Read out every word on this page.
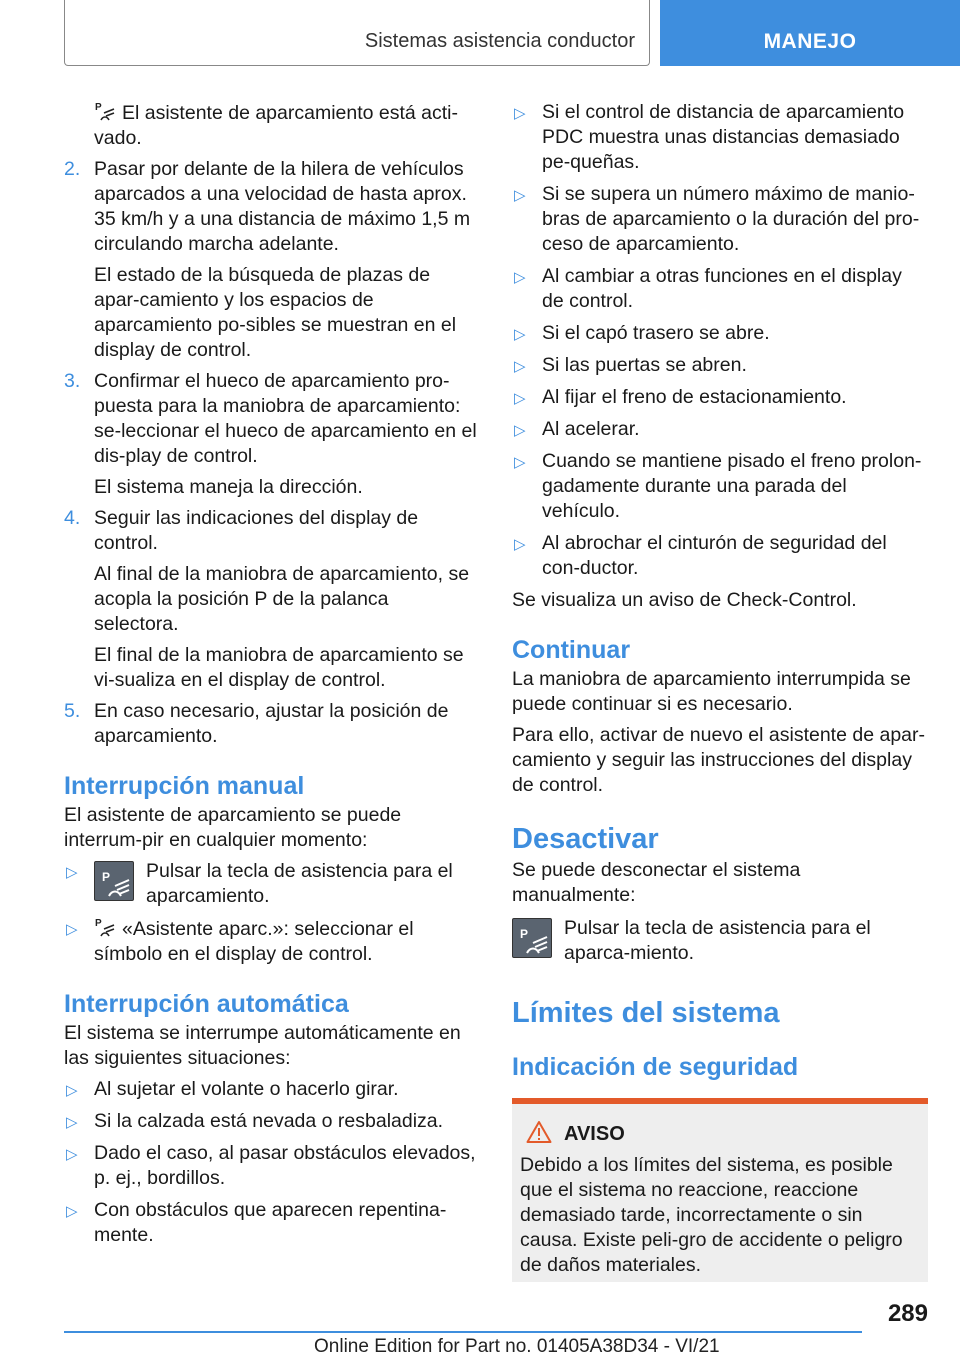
Sistemas asistencia conductor	MANEJO
P El asistente de aparcamiento está acti-vado.
2. Pasar por delante de la hilera de vehículos aparcados a una velocidad de hasta aprox. 35 km/h y a una distancia de máximo 1,5 m circulando marcha adelante.
El estado de la búsqueda de plazas de apar-camiento y los espacios de aparcamiento po-sibles se muestran en el display de control.
3. Confirmar el hueco de aparcamiento pro-puesta para la maniobra de aparcamiento: se-leccionar el hueco de aparcamiento en el dis-play de control.
El sistema maneja la dirección.
4. Seguir las indicaciones del display de control.
Al final de la maniobra de aparcamiento, se acopla la posición P de la palanca selectora.
El final de la maniobra de aparcamiento se vi-sualiza en el display de control.
5. En caso necesario, ajustar la posición de aparcamiento.
Interrupción manual
El asistente de aparcamiento se puede interrum-pir en cualquier momento:
▷ P Pulsar la tecla de asistencia para el aparcamiento.
▷ P «Asistente aparc.»: seleccionar el símbolo en el display de control.
Interrupción automática
El sistema se interrumpe automáticamente en las siguientes situaciones:
▷ Al sujetar el volante o hacerlo girar.
▷ Si la calzada está nevada o resbaladiza.
▷ Dado el caso, al pasar obstáculos elevados, p. ej., bordillos.
▷ Con obstáculos que aparecen repentina-mente.
▷ Si el control de distancia de aparcamiento PDC muestra unas distancias demasiado pe-queñas.
▷ Si se supera un número máximo de manio-bras de aparcamiento o la duración del pro-ceso de aparcamiento.
▷ Al cambiar a otras funciones en el display de control.
▷ Si el capó trasero se abre.
▷ Si las puertas se abren.
▷ Al fijar el freno de estacionamiento.
▷ Al acelerar.
▷ Cuando se mantiene pisado el freno prolon-gadamente durante una parada del vehículo.
▷ Al abrochar el cinturón de seguridad del con-ductor.
Se visualiza un aviso de Check-Control.
Continuar
La maniobra de aparcamiento interrumpida se puede continuar si es necesario.
Para ello, activar de nuevo el asistente de apar-camiento y seguir las instrucciones del display de control.
Desactivar
Se puede desconectar el sistema manualmente:
P Pulsar la tecla de asistencia para el aparca-miento.
Límites del sistema
Indicación de seguridad
AVISO
Debido a los límites del sistema, es posible que el sistema no reaccione, reaccione demasiado tarde, incorrectamente o sin causa. Existe peli-gro de accidente o peligro de daños materiales.
289
Online Edition for Part no. 01405A38D34 - VI/21
